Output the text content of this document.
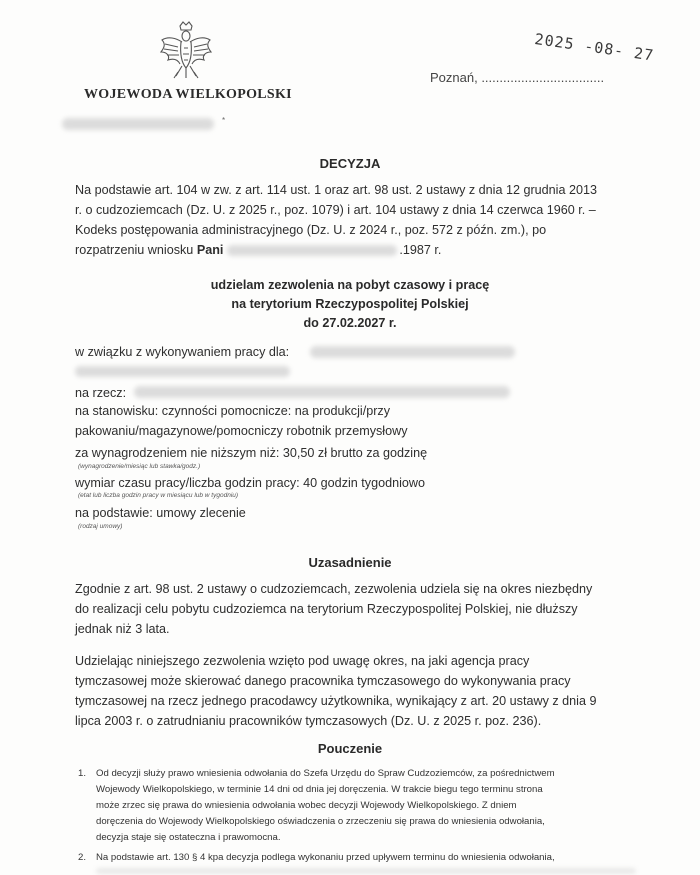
WOJEWODA WIELKOPOLSKI
2025 -08- 27
Poznań, ..................................
*
DECYZJA
Na podstawie art. 104 w zw. z art. 114 ust. 1 oraz art. 98 ust. 2 ustawy z dnia 12 grudnia 2013
r. o cudzoziemcach (Dz. U. z 2025 r., poz. 1079) i art. 104 ustawy z dnia 14 czerwca 1960 r. –
Kodeks postępowania administracyjnego (Dz. U. z 2024 r., poz. 572 z późn. zm.), po
rozpatrzeniu wniosku Pani	.1987 r.
udzielam zezwolenia na pobyt czasowy i pracę
na terytorium Rzeczypospolitej Polskiej
do 27.02.2027 r.
w związku z wykonywaniem pracy dla:
na rzecz:
na stanowisku: czynności pomocnicze: na produkcji/przy
pakowaniu/magazynowe/pomocniczy robotnik przemysłowy
za wynagrodzeniem nie niższym niż: 30,50 zł brutto za godzinę
(wynagrodzenie/miesiąc lub stawka/godz.)
wymiar czasu pracy/liczba godzin pracy: 40 godzin tygodniowo
(etat lub liczba godzin pracy w miesiącu lub w tygodniu)
na podstawie: umowy zlecenie
(rodzaj umowy)
Uzasadnienie
Zgodnie z art. 98 ust. 2 ustawy o cudzoziemcach, zezwolenia udziela się na okres niezbędny
do realizacji celu pobytu cudzoziemca na terytorium Rzeczypospolitej Polskiej, nie dłuższy
jednak niż 3 lata.
Udzielając niniejszego zezwolenia wzięto pod uwagę okres, na jaki agencja pracy
tymczasowej może skierować danego pracownika tymczasowego do wykonywania pracy
tymczasowej na rzecz jednego pracodawcy użytkownika, wynikający z art. 20 ustawy z dnia 9
lipca 2003 r. o zatrudnianiu pracowników tymczasowych (Dz. U. z 2025 r. poz. 236).
Pouczenie
1. Od decyzji służy prawo wniesienia odwołania do Szefa Urzędu do Spraw Cudzoziemców, za pośrednictwem
Wojewody Wielkopolskiego, w terminie 14 dni od dnia jej doręczenia. W trakcie biegu tego terminu strona
może zrzec się prawa do wniesienia odwołania wobec decyzji Wojewody Wielkopolskiego. Z dniem
doręczenia do Wojewody Wielkopolskiego oświadczenia o zrzeczeniu się prawa do wniesienia odwołania,
decyzja staje się ostateczna i prawomocna.
2. Na podstawie art. 130 § 4 kpa decyzja podlega wykonaniu przed upływem terminu do wniesienia odwołania,
